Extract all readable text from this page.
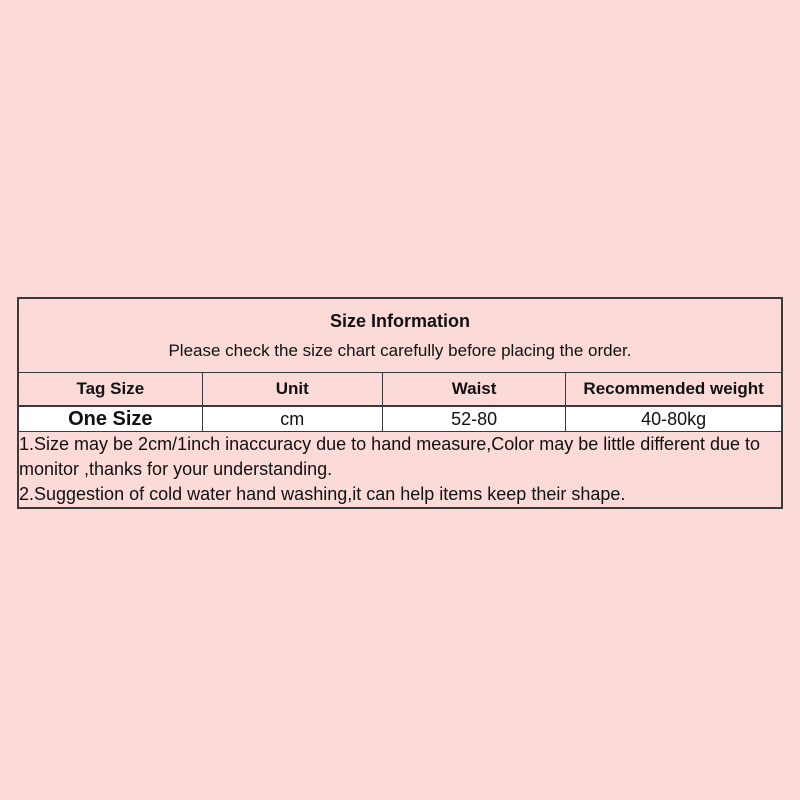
Size Information
Please check the size chart carefully before placing the order.			

Tag Size	Unit	Waist	Recommended weight
One Size	cm	52-80	40-80kg

1.Size may be 2cm/1inch inaccuracy due to hand measure,Color may be little different due to monitor ,thanks for your understanding.
2.Suggestion of cold water hand washing,it can help items keep their shape.			
